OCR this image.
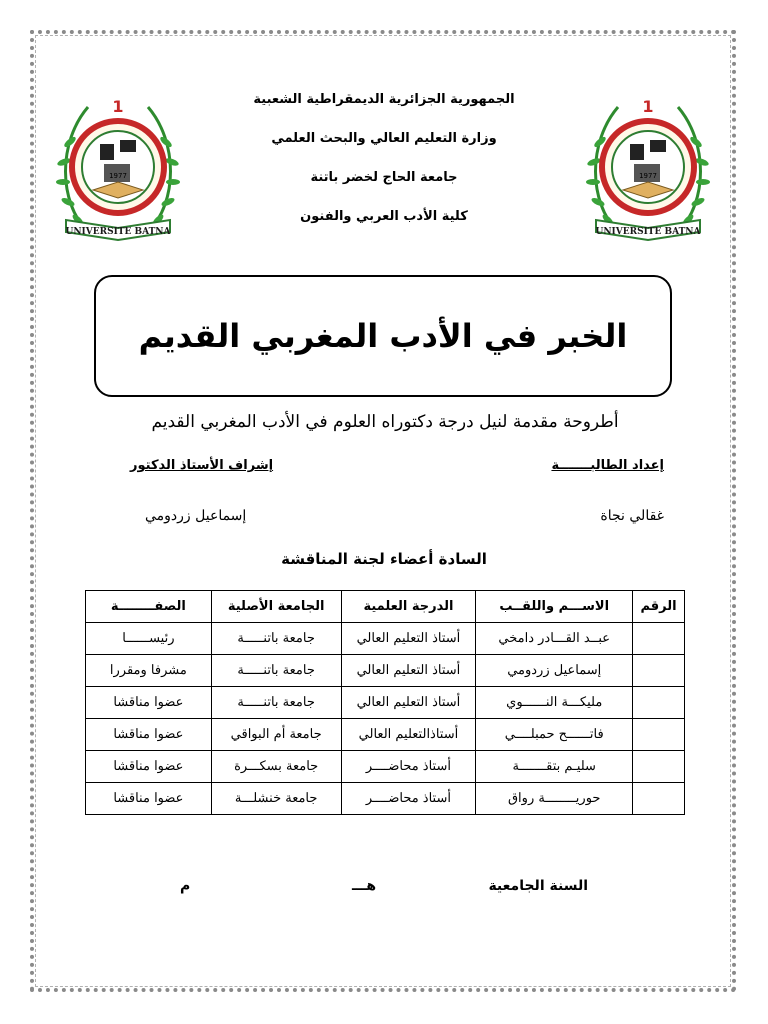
1977
1
UNIVERSITE BATNA
1977
1
UNIVERSITE BATNA
الجمهورية الجزائرية الديمقراطية الشعبية
وزارة التعليم العالي والبحث العلمي
جامعة الحاج لخضر باتنة
كلية الأدب العربي والفنون
الخبر في الأدب المغربي القديم
أطروحة مقدمة لنيل درجة دكتوراه العلوم في الأدب المغربي القديم
إعداد الطالبـــــــة
إشراف الأستاذ الدكتور
غقالي نجاة
إسماعيل زردومي
السادة أعضاء لجنة المناقشة
الرقم	الاســـم واللقــب	الدرجة العلمية	الجامعة الأصلية	الصفــــــــة
	عبــد القـــادر دامخي	أستاذ التعليم العالي	جامعة باتنـــــة	رئيســــــا
	إسماعيل زردومي	أستاذ التعليم العالي	جامعة باتنـــــة	مشرفا ومقررا
	مليكـــة النــــــوي	أستاذ التعليم العالي	جامعة باتنـــــة	عضوا مناقشا
	فاتــــــح حمبلــــي	أستاذالتعليم العالي	جامعة أم البواقي	عضوا مناقشا
	سليـم بتقـــــــة	أستاذ محاضــــر	جامعة بسكـــرة	عضوا مناقشا
	حوريــــــــة رواق	أستاذ محاضــــر	جامعة خنشلـــة	عضوا مناقشا
السنة الجامعية
هـــ
م
